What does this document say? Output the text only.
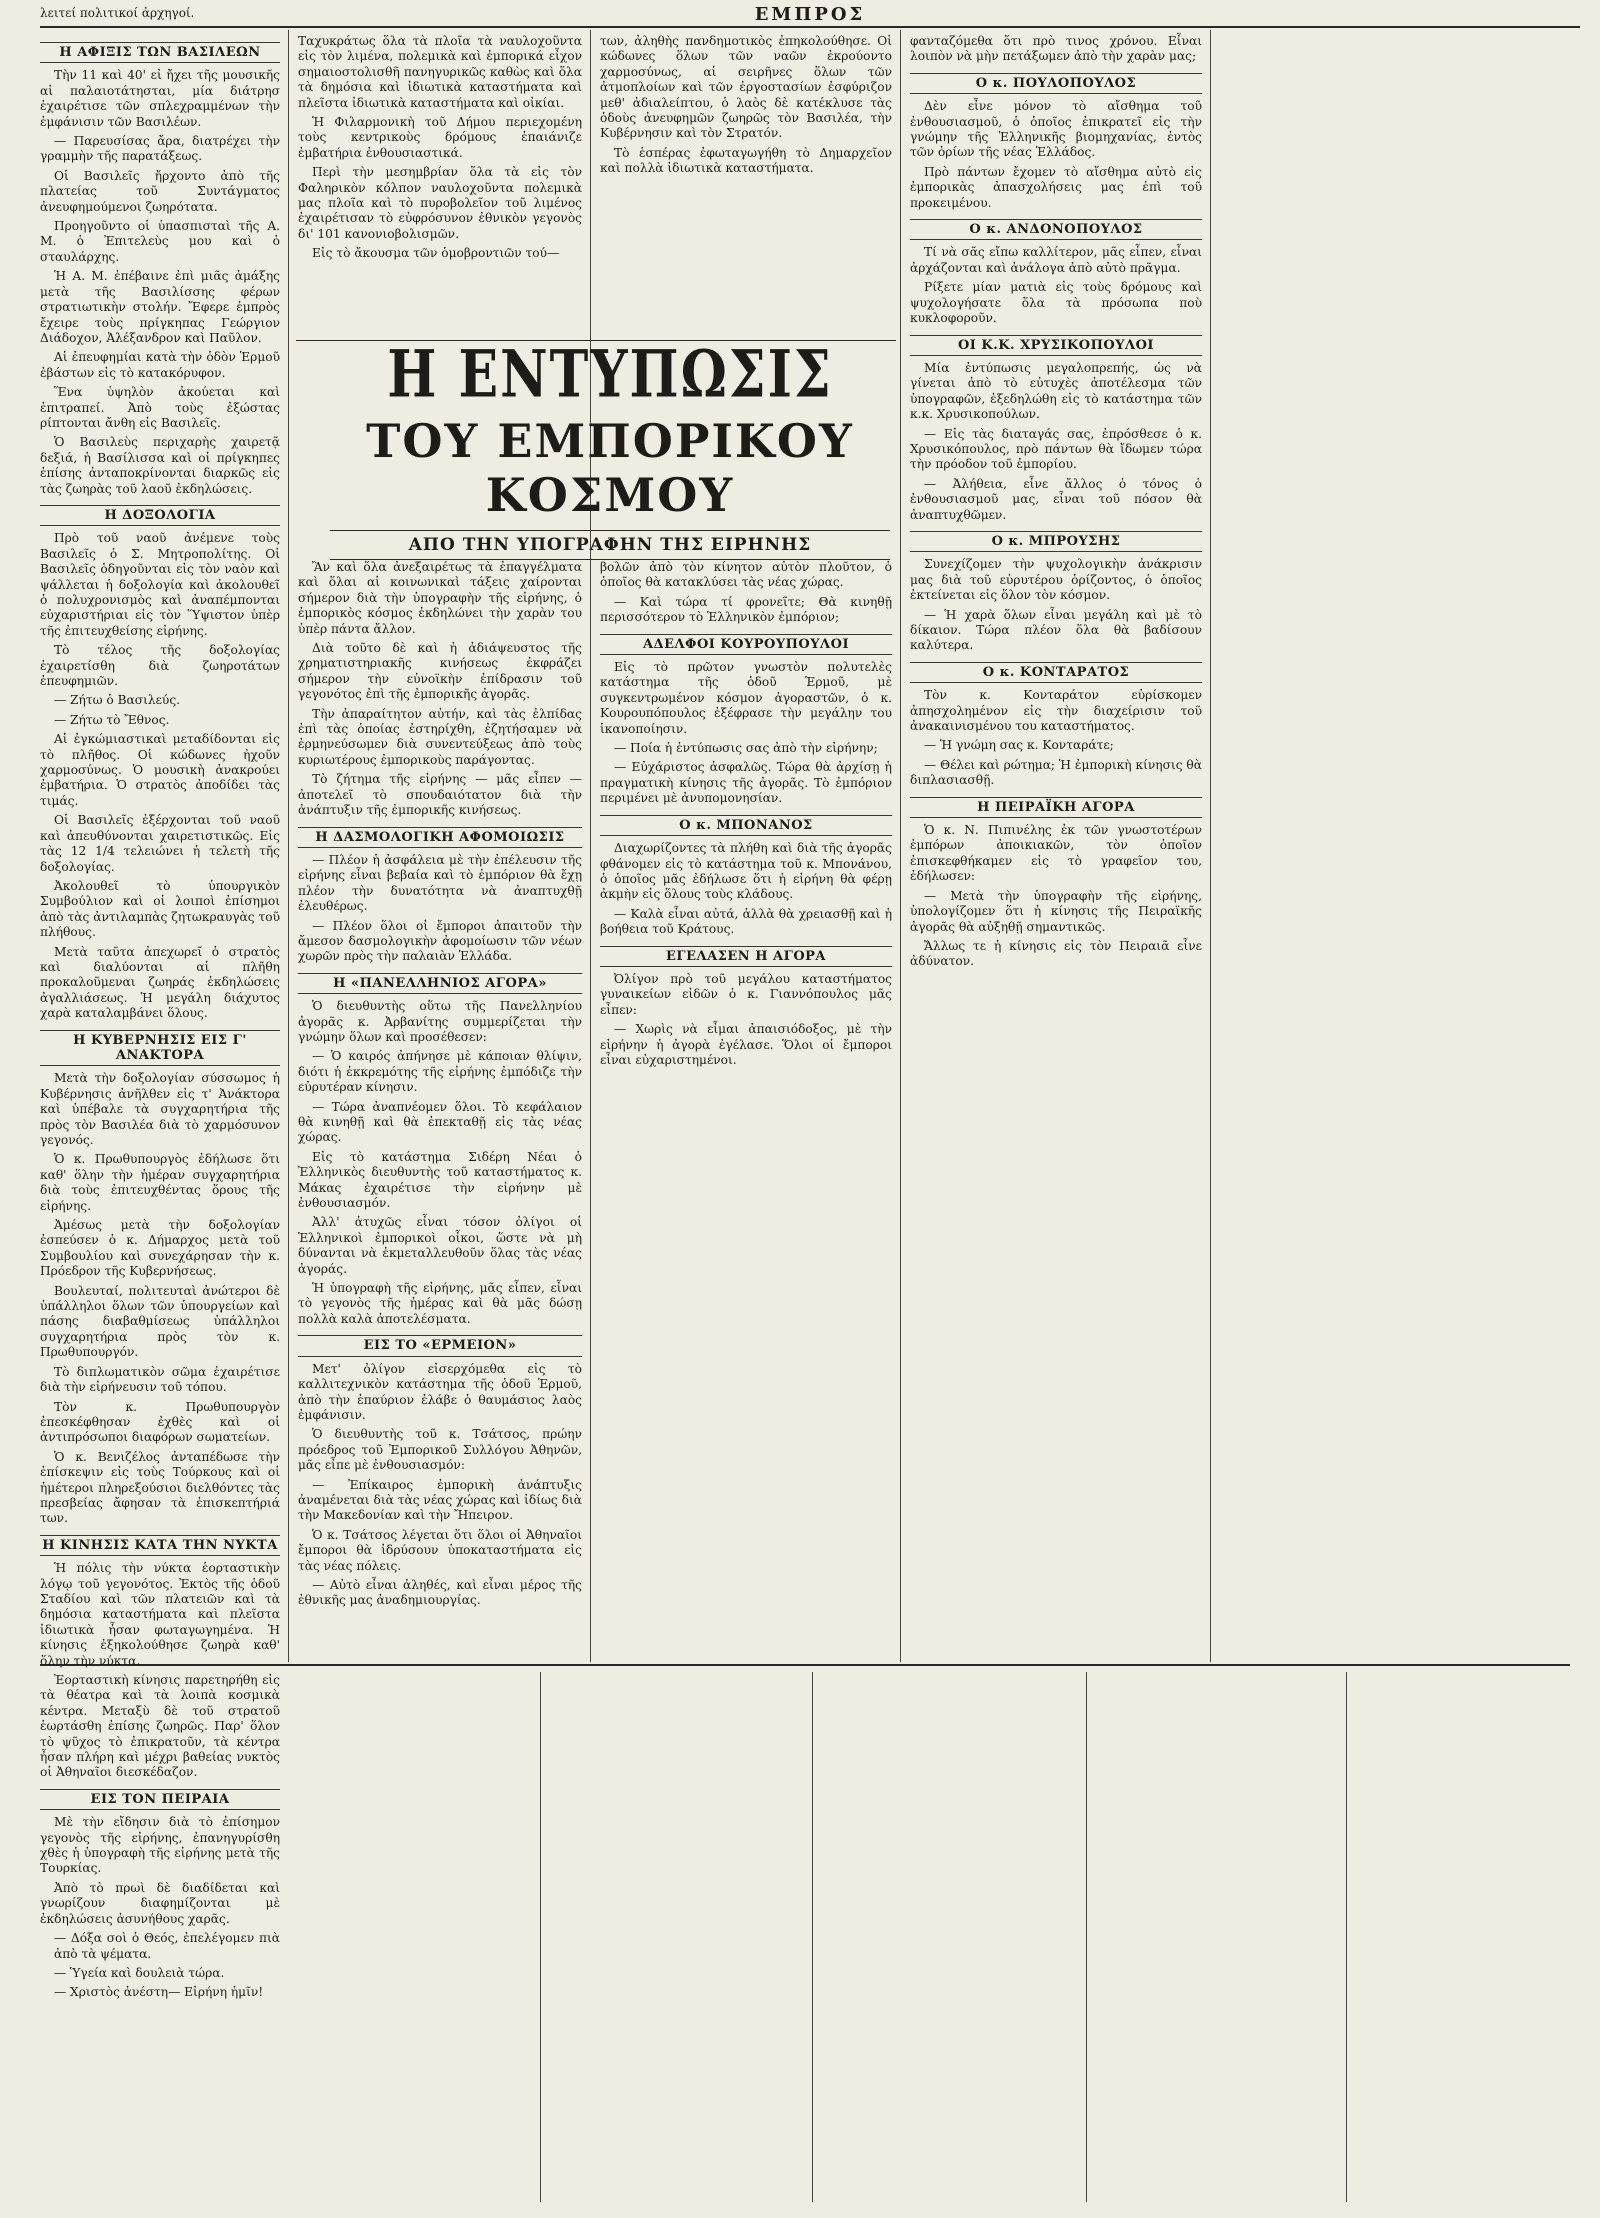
λειτεί πολιτικοί ἀρχηγοί.	ΕΜΠΡΟΣ
Η ΑΦΙΞΙΣ ΤΩΝ ΒΑΣΙΛΕΩΝ

Τὴν 11 καὶ 40' εἰ ἤχει τῆς μουσικῆς αἱ παλαιοτάτησται, μία διάτρησ ἐχαιρέτισε τῶν σπλεχραμμένων τὴν ἐμφάνισιν τῶν Βασιλέων.

— Παρευσίσας ἄρα, διατρέχει τὴν γραμμὴν τῆς παρατάξεως.

Οἱ Βασιλεῖς ἤρχοντο ἀπὸ τῆς πλατείας τοῦ Συντάγματος ἀνευφημούμενοι ζωηρότατα.

Προηγοῦντο οἱ ὑπασπισταὶ τῆς Α. Μ. ὁ Ἐπιτελεὺς μου καὶ ὁ σταυλάρχης.

Ἡ Α. Μ. ἐπέβαινε ἐπὶ μιᾶς ἀμάξης μετὰ τῆς Βασιλίσσης φέρων στρατιωτικὴν στολήν. Ἔφερε ἐμπρὸς ἔχειρε τοὺς πρίγκηπας Γεώργιον Διάδοχον, Ἀλέξανδρον καὶ Παῦλον.

Αἱ ἐπευφημίαι κατὰ τὴν ὁδὸν Ἑρμοῦ ἐβάστων εἰς τὸ κατακόρυφον.

Ἕνα ὑψηλὸν ἀκούεται καὶ ἐπιτραπεί. Ἀπὸ τοὺς ἐξώστας ρίπτονται ἄνθη εἰς Βασιλεῖς.

Ὁ Βασιλεὺς περιχαρὴς χαιρετᾷ δεξιά, ἡ Βασίλισσα καὶ οἱ πρίγκηπες ἐπίσης ἀνταποκρίνονται διαρκῶς εἰς τὰς ζωηρὰς τοῦ λαοῦ ἐκδηλώσεις.

Η ΔΟΞΟΛΟΓΙΑ

Πρὸ τοῦ ναοῦ ἀνέμενε τοὺς Βασιλεῖς ὁ Σ. Μητροπολίτης. Οἱ Βασιλεῖς ὁδηγοῦνται εἰς τὸν ναὸν καὶ ψάλλεται ἡ δοξολογία καὶ ἀκολουθεῖ ὁ πολυχρονισμὸς καὶ ἀναπέμπονται εὐχαριστήριαι εἰς τὸν Ὕψιστον ὑπὲρ τῆς ἐπιτευχθείσης εἰρήνης.

Τὸ τέλος τῆς δοξολογίας ἐχαιρετίσθη διὰ ζωηροτάτων ἐπευφημιῶν.

— Ζήτω ὁ Βασιλεύς.

— Ζήτω τὸ Ἔθνος.

Αἱ ἐγκώμιαστικαὶ μεταδίδονται εἰς τὸ πλῆθος. Οἱ κώδωνες ἠχοῦν χαρμοσύνως. Ὁ μουσικὴ ἀνακρούει ἐμβατήρια. Ὁ στρατὸς ἀποδίδει τὰς τιμάς.

Οἱ Βασιλεῖς ἐξέρχονται τοῦ ναοῦ καὶ ἀπευθύνονται χαιρετιστικῶς. Εἰς τὰς 12 1/4 τελειώνει ἡ τελετὴ τῆς δοξολογίας.

Ἀκολουθεῖ τὸ ὑπουργικὸν Συμβούλιον καὶ οἱ λοιποὶ ἐπίσημοι ἀπὸ τὰς ἀντιλαμπὰς ζητωκραυγὰς τοῦ πλήθους.

Μετὰ ταῦτα ἀπεχωρεῖ ὁ στρατὸς καὶ διαλύονται αἱ πλῆθη προκαλοῦμεναι ζωηράς ἐκδηλώσεις ἀγαλλιάσεως. Ἡ μεγάλη διάχυτος χαρὰ καταλαμβάνει ὅλους.

Η ΚΥΒΕΡΝΗΣΙΣ ΕΙΣ Γ' ΑΝΑΚΤΟΡΑ

Μετὰ τὴν δοξολογίαν σύσσωμος ἡ Κυβέρνησις ἀνῆλθεν εἰς τ' Ἀνάκτορα καὶ ὑπέβαλε τὰ συγχαρητήρια τῆς πρὸς τὸν Βασιλέα διὰ τὸ χαρμόσυνον γεγονός.

Ὁ κ. Πρωθυπουργὸς ἐδήλωσε ὅτι καθ' ὅλην τὴν ἡμέραν συγχαρητήρια διὰ τοὺς ἐπιτευχθέντας ὅρους τῆς εἰρήνης.

Ἀμέσως μετὰ τὴν δοξολογίαν ἐσπεύσεν ὁ κ. Δήμαρχος μετὰ τοῦ Συμβουλίου καὶ συνεχάρησαν τὴν κ. Πρόεδρον τῆς Κυβερνήσεως.

Βουλευταί, πολιτευταὶ ἀνώτεροι δὲ ὑπάλληλοι ὅλων τῶν ὑπουργείων καὶ πάσης διαβαθμίσεως ὑπάλληλοι συγχαρητήρια πρὸς τὸν κ. Πρωθυπουργόν.

Τὸ διπλωματικὸν σῶμα ἐχαιρέτισε διὰ τὴν εἰρήνευσιν τοῦ τόπου.

Τὸν κ. Πρωθυπουργὸν ἐπεσκέφθησαν ἐχθὲς καὶ οἱ ἀντιπρόσωποι διαφόρων σωματείων.

Ὁ κ. Βενιζέλος ἀνταπέδωσε τὴν ἐπίσκεψιν εἰς τοὺς Τούρκους καὶ οἱ ἡμέτεροι πληρεξούσιοι διελθόντες τὰς πρεσβείας ἄφησαν τὰ ἐπισκεπτήριά των.

Η ΚΙΝΗΣΙΣ ΚΑΤΑ ΤΗΝ ΝΥΚΤΑ

Ἡ πόλις τὴν νύκτα ἑορταστικὴν λόγῳ τοῦ γεγονότος. Ἐκτὸς τῆς ὁδοῦ Σταδίου καὶ τῶν πλατειῶν καὶ τὰ δημόσια καταστήματα καὶ πλεῖστα ἰδιωτικὰ ἦσαν φωταγωγημένα. Ἡ κίνησις ἐξηκολούθησε ζωηρὰ καθ' ὅλην τὴν νύκτα.

Ἐορταστικὴ κίνησις παρετηρήθη εἰς τὰ θέατρα καὶ τὰ λοιπὰ κοσμικὰ κέντρα. Μεταξὺ δὲ τοῦ στρατοῦ ἑωρτάσθη ἐπίσης ζωηρῶς. Παρ' ὅλον τὸ ψῦχος τὸ ἐπικρατοῦν, τὰ κέντρα ἦσαν πλήρη καὶ μέχρι βαθείας νυκτὸς οἱ Ἀθηναῖοι διεσκέδαζον.

ΕΙΣ ΤΟΝ ΠΕΙΡΑΙΑ

Μὲ τὴν εἴδησιν διὰ τὸ ἐπίσημον γεγονὸς τῆς εἰρήνης, ἐπανηγυρίσθη χθὲς ἡ ὑπογραφὴ τῆς εἰρήνης μετὰ τῆς Τουρκίας.

Ἀπὸ τὸ πρωὶ δὲ διαδίδεται καὶ γνωρίζουν διαφημίζονται μὲ ἐκδηλώσεις ἀσυνήθους χαρᾶς.

— Δόξα σοὶ ὁ Θεός, ἐπελέγομεν πιὰ ἀπὸ τὰ ψέματα.

— Ὑγεία καὶ δουλειὰ τώρα.

— Χριστὸς ἀνέστη— Εἰρήνη ἡμῖν!

Ταχυκράτως ὅλα τὰ πλοῖα τὰ ναυλοχοῦντα εἰς τὸν λιμένα, πολεμικὰ καὶ ἐμπορικά εἶχον σημαιοστολισθῆ πανηγυρικῶς καθὼς καὶ ὅλα τὰ δημόσια καὶ ἰδιωτικὰ καταστήματα καὶ πλεῖστα ἰδιωτικὰ καταστήματα καὶ οἰκίαι.

Ἡ Φιλαρμονικὴ τοῦ Δήμου περιεχομένη τοὺς κεντρικοὺς δρόμους ἐπαιάνιζε ἐμβατήρια ἐνθουσιαστικά.

Περὶ τὴν μεσημβρίαν ὅλα τὰ εἰς τὸν Φαληρικὸν κόλπον ναυλοχοῦντα πολεμικὰ μας πλοῖα καὶ τὸ πυροβολεῖον τοῦ λιμένος ἐχαιρέτισαν τὸ εὐφρόσυνον ἐθνικὸν γεγονὸς δι' 101 κανονιοβολισμῶν.

Εἰς τὸ ἄκουσμα τῶν ὁμοβροντιῶν τού—

των, ἀληθὴς πανδημοτικὸς ἐπηκολούθησε. Οἱ κώδωνες ὅλων τῶν ναῶν ἐκρούοντο χαρμοσύνως, αἱ σειρῆνες ὅλων τῶν ἀτμοπλοίων καὶ τῶν ἐργοστασίων ἐσφύριζον μεθ' ἀδιαλείπτου, ὁ λαὸς δὲ κατέκλυσε τὰς ὁδοὺς ἀνευφημῶν ζωηρῶς τὸν Βασιλέα, τὴν Κυβέρνησιν καὶ τὸν Στρατόν.

Τὸ ἑσπέρας ἐφωταγωγήθη τὸ Δημαρχεῖον καὶ πολλὰ ἰδιωτικὰ καταστήματα.

Η ΕΝΤΥΠΩΣΙΣ
ΤΟΥ ΕΜΠΟΡΙΚΟΥ ΚΟΣΜΟΥ
ΑΠΟ ΤΗΝ ΥΠΟΓΡΑΦΗΝ ΤΗΣ ΕΙΡΗΝΗΣ

Ἂν καὶ ὅλα ἀνεξαιρέτως τὰ ἐπαγγέλματα καὶ ὅλαι αἱ κοινωνικαὶ τάξεις χαίρονται σήμερον διὰ τὴν ὑπογραφὴν τῆς εἰρήνης, ὁ ἐμπορικὸς κόσμος ἐκδηλώνει τὴν χαρὰν του ὑπὲρ πάντα ἄλλον.

Διὰ τοῦτο δὲ καὶ ἡ ἀδιάψευστος τῆς χρηματιστηριακῆς κινήσεως ἐκφράζει σήμερον τὴν εὐνοϊκὴν ἐπίδρασιν τοῦ γεγονότος ἐπὶ τῆς ἐμπορικῆς ἀγορᾶς.

Τὴν ἀπαραίτητον αὐτήν, καὶ τὰς ἐλπίδας ἐπὶ τὰς ὁποίας ἐστηρίχθη, ἐζητήσαμεν νὰ ἐρμηνεύσωμεν διὰ συνεντεύξεως ἀπὸ τοὺς κυριωτέρους ἐμπορικοὺς παράγοντας.

Τὸ ζήτημα τῆς εἰρήνης — μᾶς εἶπεν — ἀποτελεῖ τὸ σπουδαιότατον διὰ τὴν ἀνάπτυξιν τῆς ἐμπορικῆς κινήσεως.

Η ΔΑΣΜΟΛΟΓΙΚΗ ΑΦΟΜΟΙΩΣΙΣ

— Πλέον ἡ ἀσφάλεια μὲ τὴν ἐπέλευσιν τῆς εἰρήνης εἶναι βεβαία καὶ τὸ ἐμπόριον θὰ ἔχῃ πλέον τὴν δυνατότητα νὰ ἀναπτυχθῇ ἐλευθέρως.

— Πλέον ὅλοι οἱ ἔμποροι ἀπαιτοῦν τὴν ἄμεσον δασμολογικὴν ἀφομοίωσιν τῶν νέων χωρῶν πρὸς τὴν παλαιὰν Ἑλλάδα.

Η «ΠΑΝΕΛΛΗΝΙΟΣ ΑΓΟΡΑ»

Ὁ διευθυντὴς οὕτω τῆς Πανελληνίου ἀγορᾶς κ. Ἀρβανίτης συμμερίζεται τὴν γνώμην ὅλων καὶ προσέθεσεν:

— Ὁ καιρός ἀπήνησε μὲ κάποιαν θλίψιν, διότι ἡ ἐκκρεμότης τῆς εἰρήνης ἐμπόδιζε τὴν εὐρυτέραν κίνησιν.

— Τώρα ἀναπνέομεν ὅλοι. Τὸ κεφάλαιον θὰ κινηθῇ καὶ θὰ ἐπεκταθῇ εἰς τὰς νέας χώρας.

Εἰς τὸ κατάστημα Σιδέρη Νέαι ὁ Ἐλληνικὸς διευθυντὴς τοῦ καταστήματος κ. Μάκας ἐχαιρέτισε τὴν εἰρήνην μὲ ἐνθουσιασμόν.

Ἀλλ' ἀτυχῶς εἶναι τόσον ὀλίγοι οἱ Ἑλληνικοὶ ἐμπορικοὶ οἶκοι, ὥστε νὰ μὴ δύνανται νὰ ἐκμεταλλευθοῦν ὅλας τὰς νέας ἀγοράς.

Ἡ ὑπογραφὴ τῆς εἰρήνης, μᾶς εἶπεν, εἶναι τὸ γεγονὸς τῆς ἡμέρας καὶ θὰ μᾶς δώσῃ πολλὰ καλὰ ἀποτελέσματα.

ΕΙΣ ΤΟ «ΕΡΜΕΙΟΝ»

Μετ' ὀλίγον εἰσερχόμεθα εἰς τὸ καλλιτεχνικὸν κατάστημα τῆς ὁδοῦ Ἑρμοῦ, ἀπὸ τὴν ἐπαύριον ἐλάβε ὁ θαυμάσιος λαὸς ἐμφάνισιν.

Ὁ διευθυντὴς τοῦ κ. Τσάτσος, πρώην πρόεδρος τοῦ Ἐμπορικοῦ Συλλόγου Ἀθηνῶν, μᾶς εἶπε μὲ ἐνθουσιασμόν:

— Ἐπίκαιρος ἐμπορικὴ ἀνάπτυξις ἀναμένεται διὰ τὰς νέας χώρας καὶ ἰδίως διὰ τὴν Μακεδονίαν καὶ τὴν Ἤπειρον.

Ὁ κ. Τσάτσος λέγεται ὅτι ὅλοι οἱ Ἀθηναῖοι ἔμποροι θὰ ἱδρύσουν ὑποκαταστήματα εἰς τὰς νέας πόλεις.

— Αὐτὸ εἶναι ἀληθές, καὶ εἶναι μέρος τῆς ἐθνικῆς μας ἀναδημιουργίας.

βολῶν ἀπὸ τὸν κίνητον αὐτὸν πλοῦτον, ὁ ὁποῖος θὰ κατακλύσει τὰς νέας χώρας.

— Καὶ τώρα τί φρονεῖτε; Θὰ κινηθῇ περισσότερον τὸ Ἑλληνικὸν ἐμπόριον;

ΑΔΕΛΦΟΙ ΚΟΥΡΟΥΠΟΥΛΟΙ

Εἰς τὸ πρῶτον γνωστὸν πολυτελὲς κατάστημα τῆς ὁδοῦ Ἑρμοῦ, μὲ συγκεντρωμένον κόσμον ἀγοραστῶν, ὁ κ. Κουρουπόπουλος ἐξέφρασε τὴν μεγάλην του ἱκανοποίησιν.

— Ποία ἡ ἐντύπωσις σας ἀπὸ τὴν εἰρήνην;

— Εὐχάριστος ἀσφαλῶς. Τώρα θὰ ἀρχίσῃ ἡ πραγματικὴ κίνησις τῆς ἀγορᾶς. Τὸ ἐμπόριον περιμένει μὲ ἀνυπομονησίαν.

Ο κ. ΜΠΟΝΑΝΟΣ

Διαχωρίζοντες τὰ πλήθη καὶ διὰ τῆς ἀγορᾶς φθάνομεν εἰς τὸ κατάστημα τοῦ κ. Μπονάνου, ὁ ὁποῖος μᾶς ἐδήλωσε ὅτι ἡ εἰρήνη θὰ φέρῃ ἀκμὴν εἰς ὅλους τοὺς κλάδους.

— Καλὰ εἶναι αὐτά, ἀλλὰ θὰ χρειασθῇ καὶ ἡ βοήθεια τοῦ Κράτους.

ΕΓΕΛΑΣΕΝ Η ΑΓΟΡΑ

Ὀλίγον πρὸ τοῦ μεγάλου καταστήματος γυναικείων εἰδῶν ὁ κ. Γιαννόπουλος μᾶς εἶπεν:

— Χωρὶς νὰ εἶμαι ἀπαισιόδοξος, μὲ τὴν εἰρήνην ἡ ἀγορὰ ἐγέλασε. Ὅλοι οἱ ἔμποροι εἶναι εὐχαριστημένοι.

φανταζόμεθα ὅτι πρὸ τινος χρόνου. Εἶναι λοιπὸν νὰ μὴν πετάξωμεν ἀπὸ τὴν χαρὰν μας;

Ο κ. ΠΟΥΛΟΠΟΥΛΟΣ

Δὲν εἶνε μόνον τὸ αἴσθημα τοῦ ἐνθουσιασμοῦ, ὁ ὁποῖος ἐπικρατεῖ εἰς τὴν γνώμην τῆς Ἑλληνικῆς βιομηχανίας, ἐντὸς τῶν ὁρίων τῆς νέας Ἑλλάδος.

Πρὸ πάντων ἔχομεν τὸ αἴσθημα αὐτὸ εἰς ἐμπορικὰς ἀπασχολήσεις μας ἐπὶ τοῦ προκειμένου.

Ο κ. ΑΝΔΟΝΟΠΟΥΛΟΣ

Τί νὰ σᾶς εἴπω καλλίτερον, μᾶς εἶπεν, εἶναι ἀρχάζονται καὶ ἀνάλογα ἀπὸ αὐτὸ πρᾶγμα.

Ρίξετε μίαν ματιὰ εἰς τοὺς δρόμους καὶ ψυχολογήσατε ὅλα τὰ πρόσωπα ποὺ κυκλοφοροῦν.

ΟΙ Κ.Κ. ΧΡΥΣΙΚΟΠΟΥΛΟΙ

Μία ἐντύπωσις μεγαλοπρεπής, ὡς νὰ γίνεται ἀπὸ τὸ εὐτυχὲς ἀποτέλεσμα τῶν ὑπογραφῶν, ἐξεδηλώθη εἰς τὸ κατάστημα τῶν κ.κ. Χρυσικοπούλων.

— Εἰς τὰς διαταγάς σας, ἐπρόσθεσε ὁ κ. Χρυσικόπουλος, πρὸ πάντων θὰ ἴδωμεν τώρα τὴν πρόοδον τοῦ ἐμπορίου.

— Ἀλήθεια, εἶνε ἄλλος ὁ τόνος ὁ ἐνθουσιασμοῦ μας, εἶναι τοῦ πόσον θὰ ἀναπτυχθῶμεν.

Ο κ. ΜΠΡΟΥΣΗΣ

Συνεχίζομεν τὴν ψυχολογικὴν ἀνάκρισιν μας διὰ τοῦ εὐρυτέρου ὁρίζοντος, ὁ ὁποῖος ἐκτείνεται εἰς ὅλον τὸν κόσμον.

— Ἡ χαρὰ ὅλων εἶναι μεγάλη καὶ μὲ τὸ δίκαιον. Τώρα πλέον ὅλα θὰ βαδίσουν καλύτερα.

Ο κ. ΚΟΝΤΑΡΑΤΟΣ

Τὸν κ. Κονταράτον εὑρίσκομεν ἀπησχολημένον εἰς τὴν διαχείρισιν τοῦ ἀνακαινισμένου του καταστήματος.

— Ἡ γνώμη σας κ. Κονταράτε;

— Θέλει καὶ ρώτημα; Ἡ ἐμπορικὴ κίνησις θὰ διπλασιασθῇ.

Η ΠΕΙΡΑΪΚΗ ΑΓΟΡΑ

Ὁ κ. Ν. Πιπινέλης ἐκ τῶν γνωστοτέρων ἐμπόρων ἀποικιακῶν, τὸν ὁποῖον ἐπισκεφθήκαμεν εἰς τὸ γραφεῖον του, ἐδήλωσεν:

— Μετὰ τὴν ὑπογραφὴν τῆς εἰρήνης, ὑπολογίζομεν ὅτι ἡ κίνησις τῆς Πειραϊκῆς ἀγορᾶς θὰ αὐξηθῇ σημαντικῶς.

Ἄλλως τε ἡ κίνησις εἰς τὸν Πειραιᾶ εἶνε ἀδύνατον.
